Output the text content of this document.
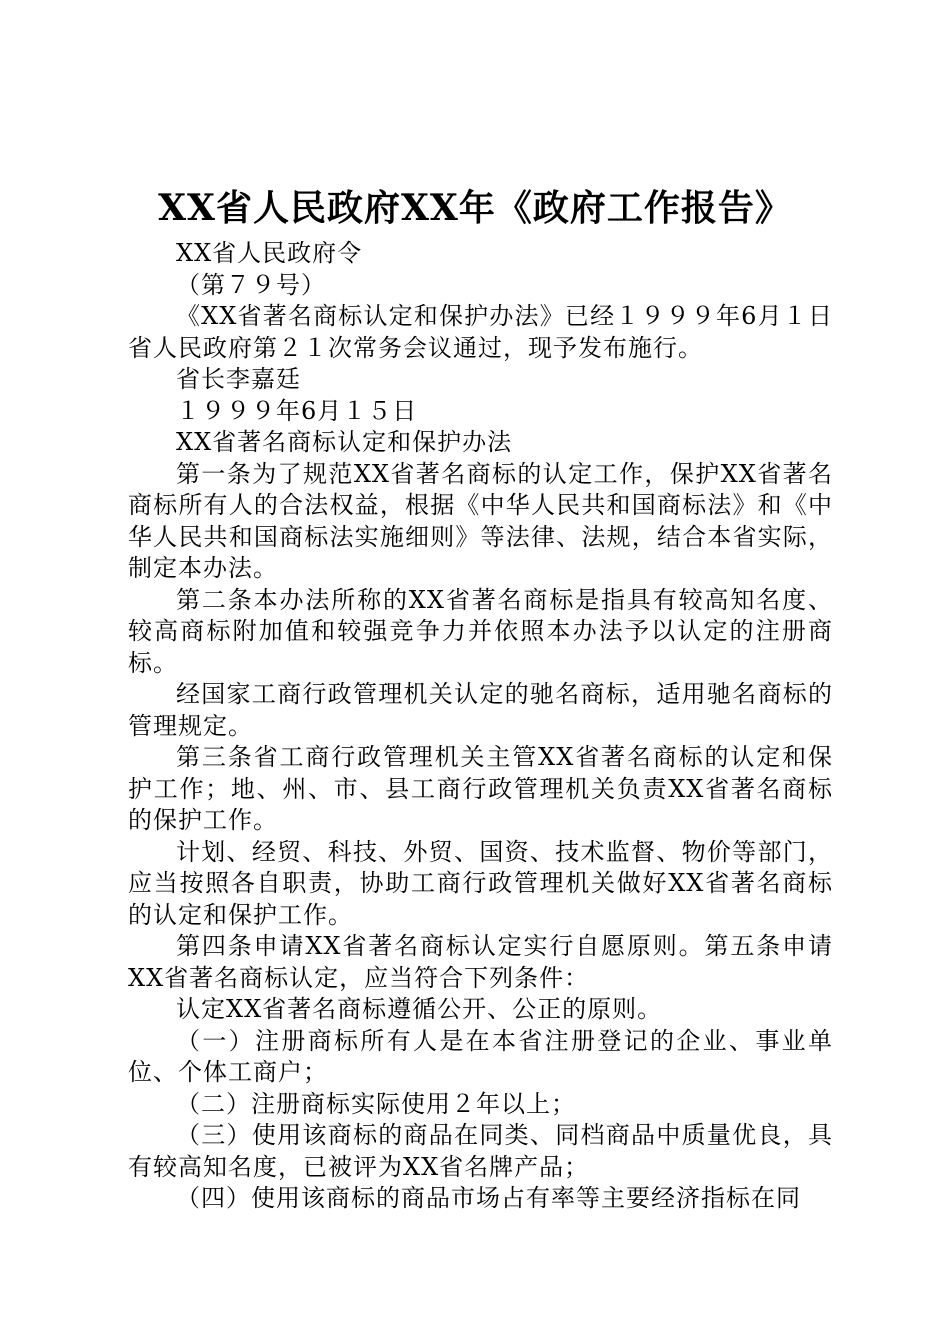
XX省人民政府XX年《政府工作报告》

XX省人民政府令

（第７９号）

《XX省著名商标认定和保护办法》已经１９９９年6月１日省人民政府第２１次常务会议通过，现予发布施行。

省长李嘉廷

１９９９年6月１５日

XX省著名商标认定和保护办法

第一条为了规范XX省著名商标的认定工作，保护XX省著名商标所有人的合法权益，根据《中华人民共和国商标法》和《中华人民共和国商标法实施细则》等法律、法规，结合本省实际，制定本办法。

第二条本办法所称的XX省著名商标是指具有较高知名度、较高商标附加值和较强竞争力并依照本办法予以认定的注册商标。

经国家工商行政管理机关认定的驰名商标，适用驰名商标的管理规定。

第三条省工商行政管理机关主管XX省著名商标的认定和保护工作；地、州、市、县工商行政管理机关负责XX省著名商标的保护工作。

计划、经贸、科技、外贸、国资、技术监督、物价等部门，应当按照各自职责，协助工商行政管理机关做好XX省著名商标的认定和保护工作。

第四条申请XX省著名商标认定实行自愿原则。第五条申请XX省著名商标认定，应当符合下列条件：

认定XX省著名商标遵循公开、公正的原则。

（一）注册商标所有人是在本省注册登记的企业、事业单位、个体工商户；

（二）注册商标实际使用２年以上；

（三）使用该商标的商品在同类、同档商品中质量优良，具有较高知名度，已被评为XX省名牌产品；

（四）使用该商标的商品市场占有率等主要经济指标在同
